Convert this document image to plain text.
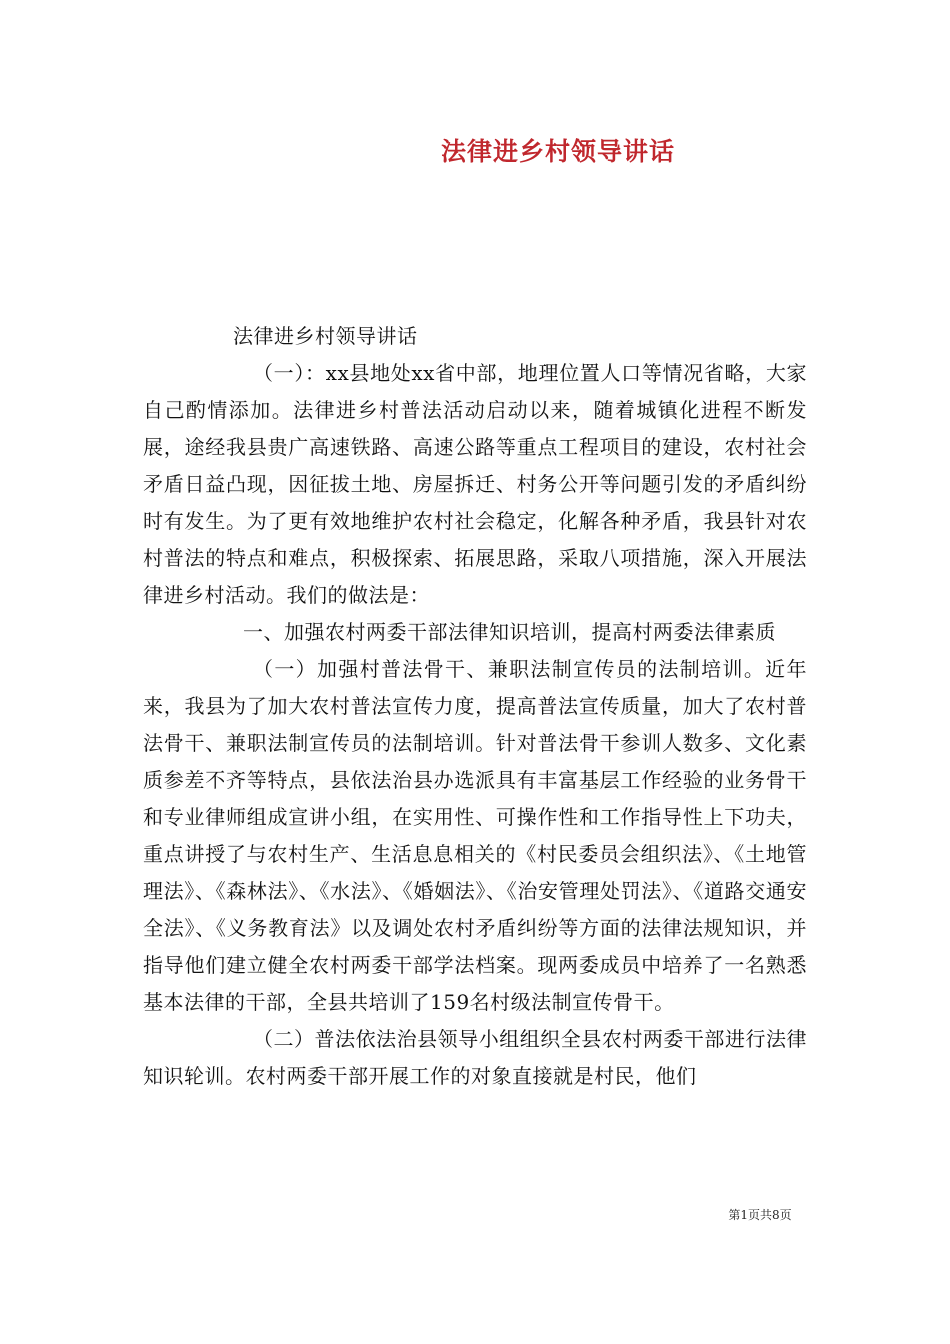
法律进乡村领导讲话

法律进乡村领导讲话

（一）：xx县地处xx省中部，地理位置人口等情况省略，大家自己酌情添加。法律进乡村普法活动启动以来，随着城镇化进程不断发展，途经我县贵广高速铁路、高速公路等重点工程项目的建设，农村社会矛盾日益凸现，因征拔土地、房屋拆迁、村务公开等问题引发的矛盾纠纷时有发生。为了更有效地维护农村社会稳定，化解各种矛盾，我县针对农村普法的特点和难点，积极探索、拓展思路，采取八项措施，深入开展法律进乡村活动。我们的做法是：

一、加强农村两委干部法律知识培训，提高村两委法律素质

（一）加强村普法骨干、兼职法制宣传员的法制培训。近年来，我县为了加大农村普法宣传力度，提高普法宣传质量，加大了农村普法骨干、兼职法制宣传员的法制培训。针对普法骨干参训人数多、文化素质参差不齐等特点，县依法治县办选派具有丰富基层工作经验的业务骨干和专业律师组成宣讲小组，在实用性、可操作性和工作指导性上下功夫，重点讲授了与农村生产、生活息息相关的《村民委员会组织法》、《土地管理法》、《森林法》、《水法》、《婚姻法》、《治安管理处罚法》、《道路交通安全法》、《义务教育法》以及调处农村矛盾纠纷等方面的法律法规知识，并指导他们建立健全农村两委干部学法档案。现两委成员中培养了一名熟悉基本法律的干部，全县共培训了159名村级法制宣传骨干。

（二）普法依法治县领导小组组织全县农村两委干部进行法律知识轮训。农村两委干部开展工作的对象直接就是村民，他们

第1页共8页
